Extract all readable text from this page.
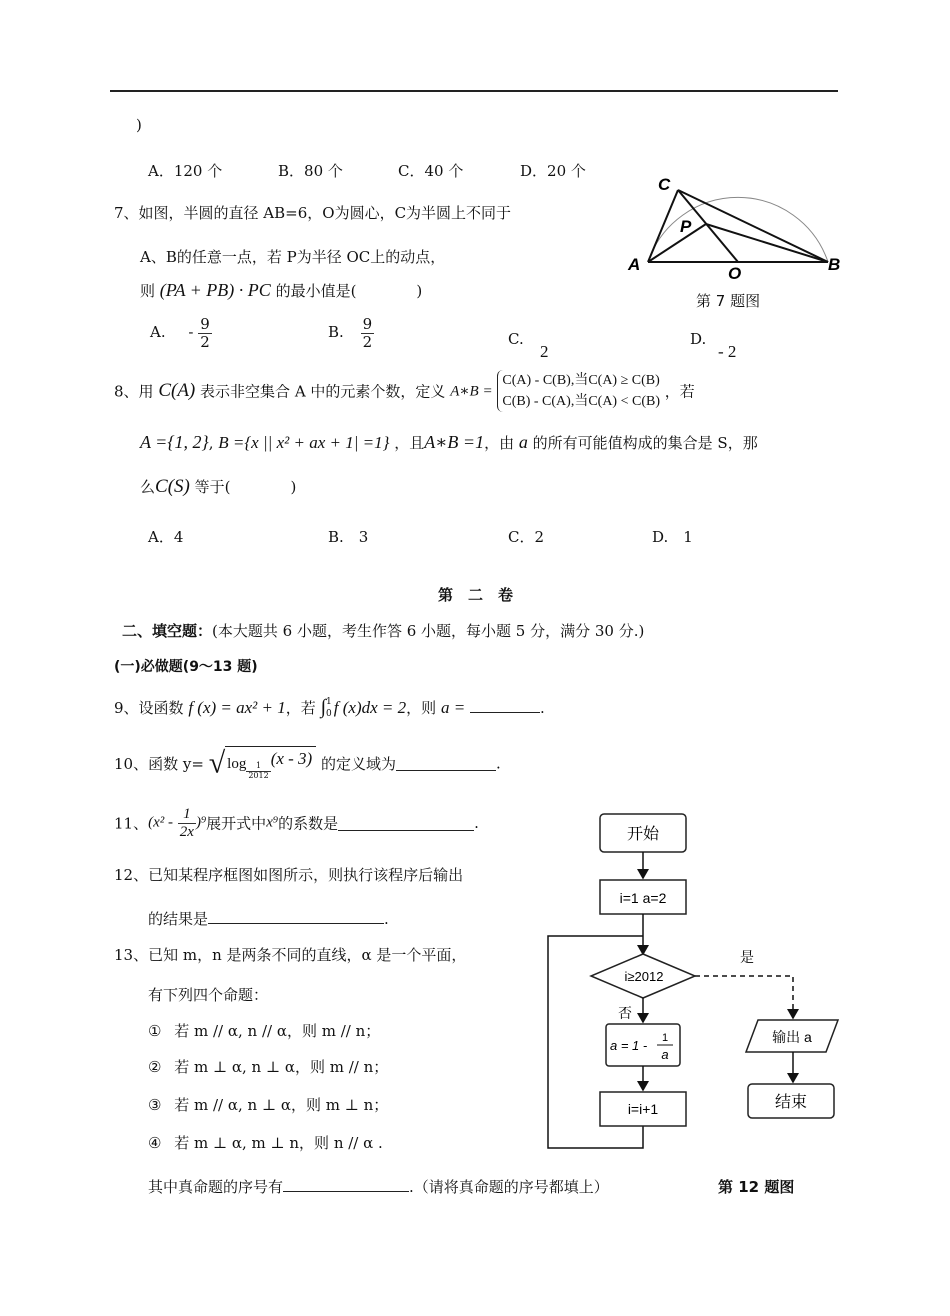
)
A．120 个	B．80 个	C．40 个	D．20 个
7、如图，半圆的直径 AB=6，O为圆心，C为半圆上不同于
A、B的任意一点，若 P为半径 OC上的动点，
则 (PA + PB) · PC 的最小值是(　　　　)
A. - $\frac{9}{2}$	B. $\frac{9}{2}$	C.
2
D.
- 2
C
P
A	O	B
第 7 题图
8、用 C(A) 表示非空集合 A 中的元素个数，定义 A∗B =
C(A) - C(B),当C(A) ≥ C(B)
C(B) - C(A),当C(A) < C(B)
，若
A ={1, 2}, B ={x || x² + ax + 1| =1} ，且A∗B =1，由 a 的所有可能值构成的集合是 S，那
么C(S) 等于(　　　　)
A．4	B.　3	C．2	D.　1
第　二　卷
二、填空题：(本大题共 6 小题，考生作答 6 小题，每小题 5 分，满分 30 分.)
(一)必做题(9～13 题)
9、设函数 f (x) = ax² + 1，若 ∫ 1
0 f (x)dx = 2，则 a =	.
10、函数 y= √ $\log \frac{1}{2012}$
(x - 3) 的定义域为	.
11、$(x^2 - \frac{1}{2x} )^9$展开式中x⁹的系数是	.
12、已知某程序框图如图所示，则执行该程序后输出
的结果是	.
开始
i=1 a=2
i≥2012
是
否
a = 1 - 1
a
i=i+1
输出 a
结束
第 12 题图
13、已知 m，n 是两条不同的直线，α 是一个平面，
有下列四个命题：
① 若 m // α, n // α，则 m // n；
② 若 m ⊥ α, n ⊥ α，则 m // n；
③ 若 m // α, n ⊥ α，则 m ⊥ n；
④ 若 m ⊥ α, m ⊥ n，则 n // α .
其中真命题的序号有	.（请将真命题的序号都填上）
